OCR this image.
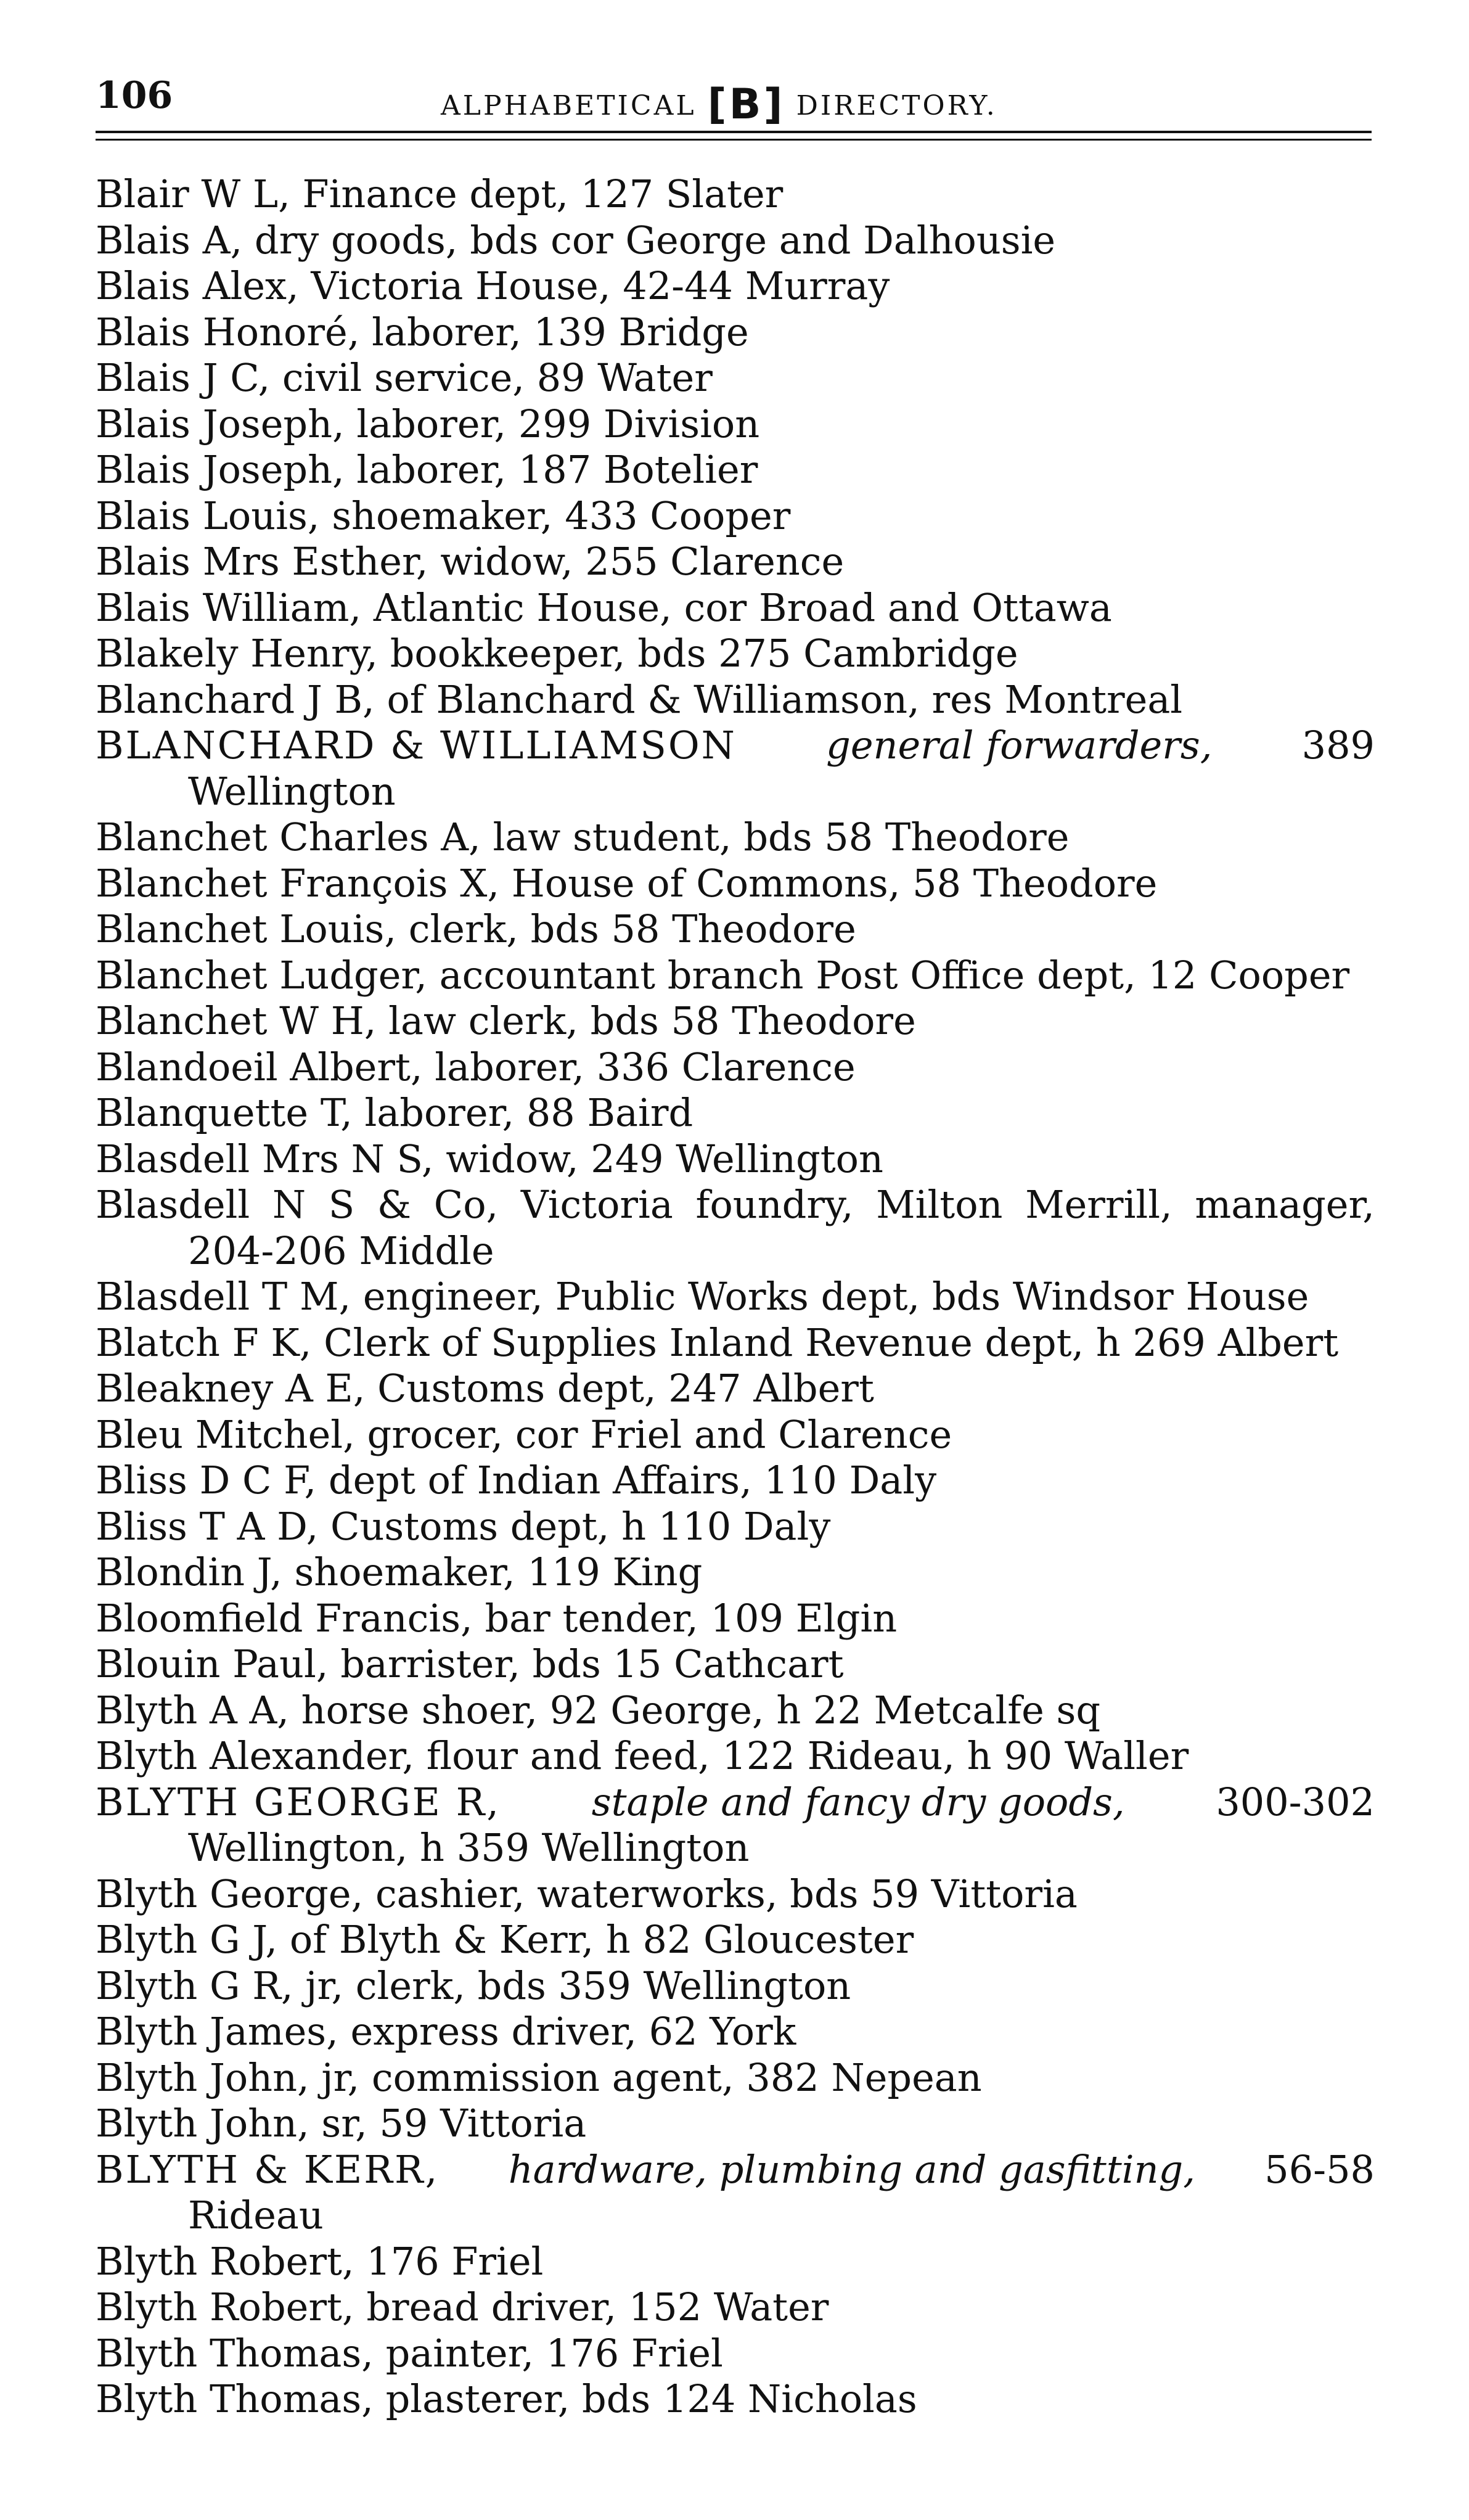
106	ALPHABETICAL [B] DIRECTORY.
Blair W L, Finance dept, 127 Slater
Blais A, dry goods, bds cor George and Dalhousie
Blais Alex, Victoria House, 42-44 Murray
Blais Honoré, laborer, 139 Bridge
Blais J C, civil service, 89 Water
Blais Joseph, laborer, 299 Division
Blais Joseph, laborer, 187 Botelier
Blais Louis, shoemaker, 433 Cooper
Blais Mrs Esther, widow, 255 Clarence
Blais William, Atlantic House, cor Broad and Ottawa
Blakely Henry, bookkeeper, bds 275 Cambridge
Blanchard J B, of Blanchard & Williamson, res Montreal
BLANCHARD & WILLIAMSON general forwarders, 389
Wellington
Blanchet Charles A, law student, bds 58 Theodore
Blanchet François X, House of Commons, 58 Theodore
Blanchet Louis, clerk, bds 58 Theodore
Blanchet Ludger, accountant branch Post Office dept, 12 Cooper
Blanchet W H, law clerk, bds 58 Theodore
Blandoeil Albert, laborer, 336 Clarence
Blanquette T, laborer, 88 Baird
Blasdell Mrs N S, widow, 249 Wellington
Blasdell N S & Co, Victoria foundry, Milton Merrill, manager,
204-206 Middle
Blasdell T M, engineer, Public Works dept, bds Windsor House
Blatch F K, Clerk of Supplies Inland Revenue dept, h 269 Albert
Bleakney A E, Customs dept, 247 Albert
Bleu Mitchel, grocer, cor Friel and Clarence
Bliss D C F, dept of Indian Affairs, 110 Daly
Bliss T A D, Customs dept, h 110 Daly
Blondin J, shoemaker, 119 King
Bloomfield Francis, bar tender, 109 Elgin
Blouin Paul, barrister, bds 15 Cathcart
Blyth A A, horse shoer, 92 George, h 22 Metcalfe sq
Blyth Alexander, flour and feed, 122 Rideau, h 90 Waller
BLYTH GEORGE R, staple and fancy dry goods, 300-302
Wellington, h 359 Wellington
Blyth George, cashier, waterworks, bds 59 Vittoria
Blyth G J, of Blyth & Kerr, h 82 Gloucester
Blyth G R, jr, clerk, bds 359 Wellington
Blyth James, express driver, 62 York
Blyth John, jr, commission agent, 382 Nepean
Blyth John, sr, 59 Vittoria
BLYTH & KERR, hardware, plumbing and gasfitting, 56-58
Rideau
Blyth Robert, 176 Friel
Blyth Robert, bread driver, 152 Water
Blyth Thomas, painter, 176 Friel
Blyth Thomas, plasterer, bds 124 Nicholas
